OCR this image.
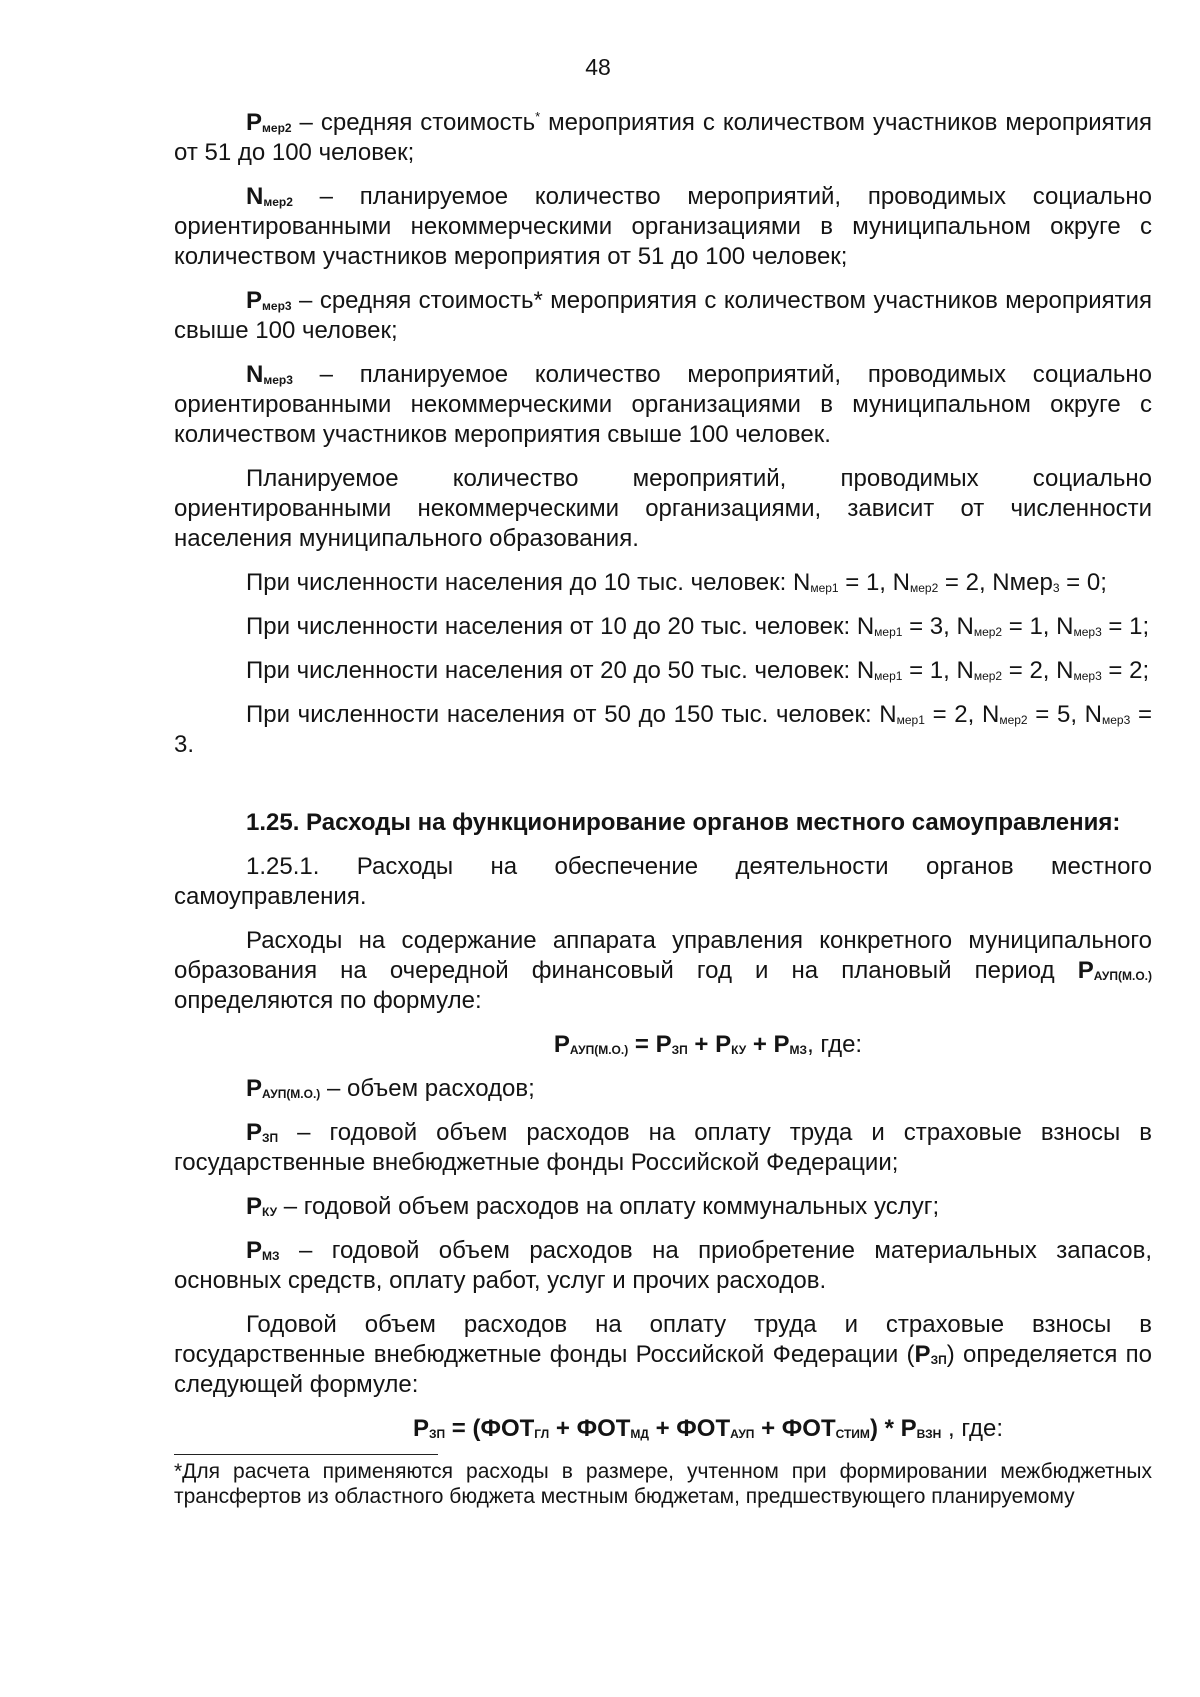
48

$P_{мер2}$ – средняя стоимость* мероприятия с количеством участников мероприятия от 51 до 100 человек;

$N_{мер2}$ – планируемое количество мероприятий, проводимых социально ориентированными некоммерческими организациями в муниципальном округе с количеством участников мероприятия от 51 до 100 человек;

$P_{мер3}$ – средняя стоимость* мероприятия с количеством участников мероприятия свыше 100 человек;

$N_{мер3}$ – планируемое количество мероприятий, проводимых социально ориентированными некоммерческими организациями в муниципальном округе с количеством участников мероприятия свыше 100 человек.

Планируемое количество мероприятий, проводимых социально ориентированными некоммерческими организациями, зависит от численности населения муниципального образования.

При численности населения до 10 тыс. человек: $N_{мер1} = 1$, $N_{мер2} = 2$, Nмер$_3$ = 0;

При численности населения от 10 до 20 тыс. человек: $N_{мер1} = 3$, $N_{мер2} = 1$, $N_{мер3} = 1$;

При численности населения от 20 до 50 тыс. человек: $N_{мер1} = 1$, $N_{мер2} = 2$, $N_{мер3} = 2$;

При численности населения от 50 до 150 тыс. человек: $N_{мер1} = 2$, $N_{мер2} = 5$, $N_{мер3} = 3$.

1.25. Расходы на функционирование органов местного самоуправления:

1.25.1. Расходы на обеспечение деятельности органов местного самоуправления.

Расходы на содержание аппарата управления конкретного муниципального образования на очередной финансовый год и на плановый период $P_{АУП(М.О.)}$ определяются по формуле:

$P_{АУП(М.О.)} = P_{ЗП} + P_{КУ} + P_{МЗ}$, где:

$P_{АУП(М.О.)}$ – объем расходов;

$P_{ЗП}$ – годовой объем расходов на оплату труда и страховые взносы в государственные внебюджетные фонды Российской Федерации;

$P_{КУ}$ – годовой объем расходов на оплату коммунальных услуг;

$P_{МЗ}$ – годовой объем расходов на приобретение материальных запасов, основных средств, оплату работ, услуг и прочих расходов.

Годовой объем расходов на оплату труда и страховые взносы в государственные внебюджетные фонды Российской Федерации $(P_{ЗП})$ определяется по следующей формуле:

$P_{ЗП} = (ФОТ_{ГЛ} + ФОТ_{МД} + ФОТ_{АУП} + ФОТ_{СТИМ}) * P_{ВЗН}$ , где:

*Для расчета применяются расходы в размере, учтенном при формировании межбюджетных трансфертов из областного бюджета местным бюджетам, предшествующего планируемому
